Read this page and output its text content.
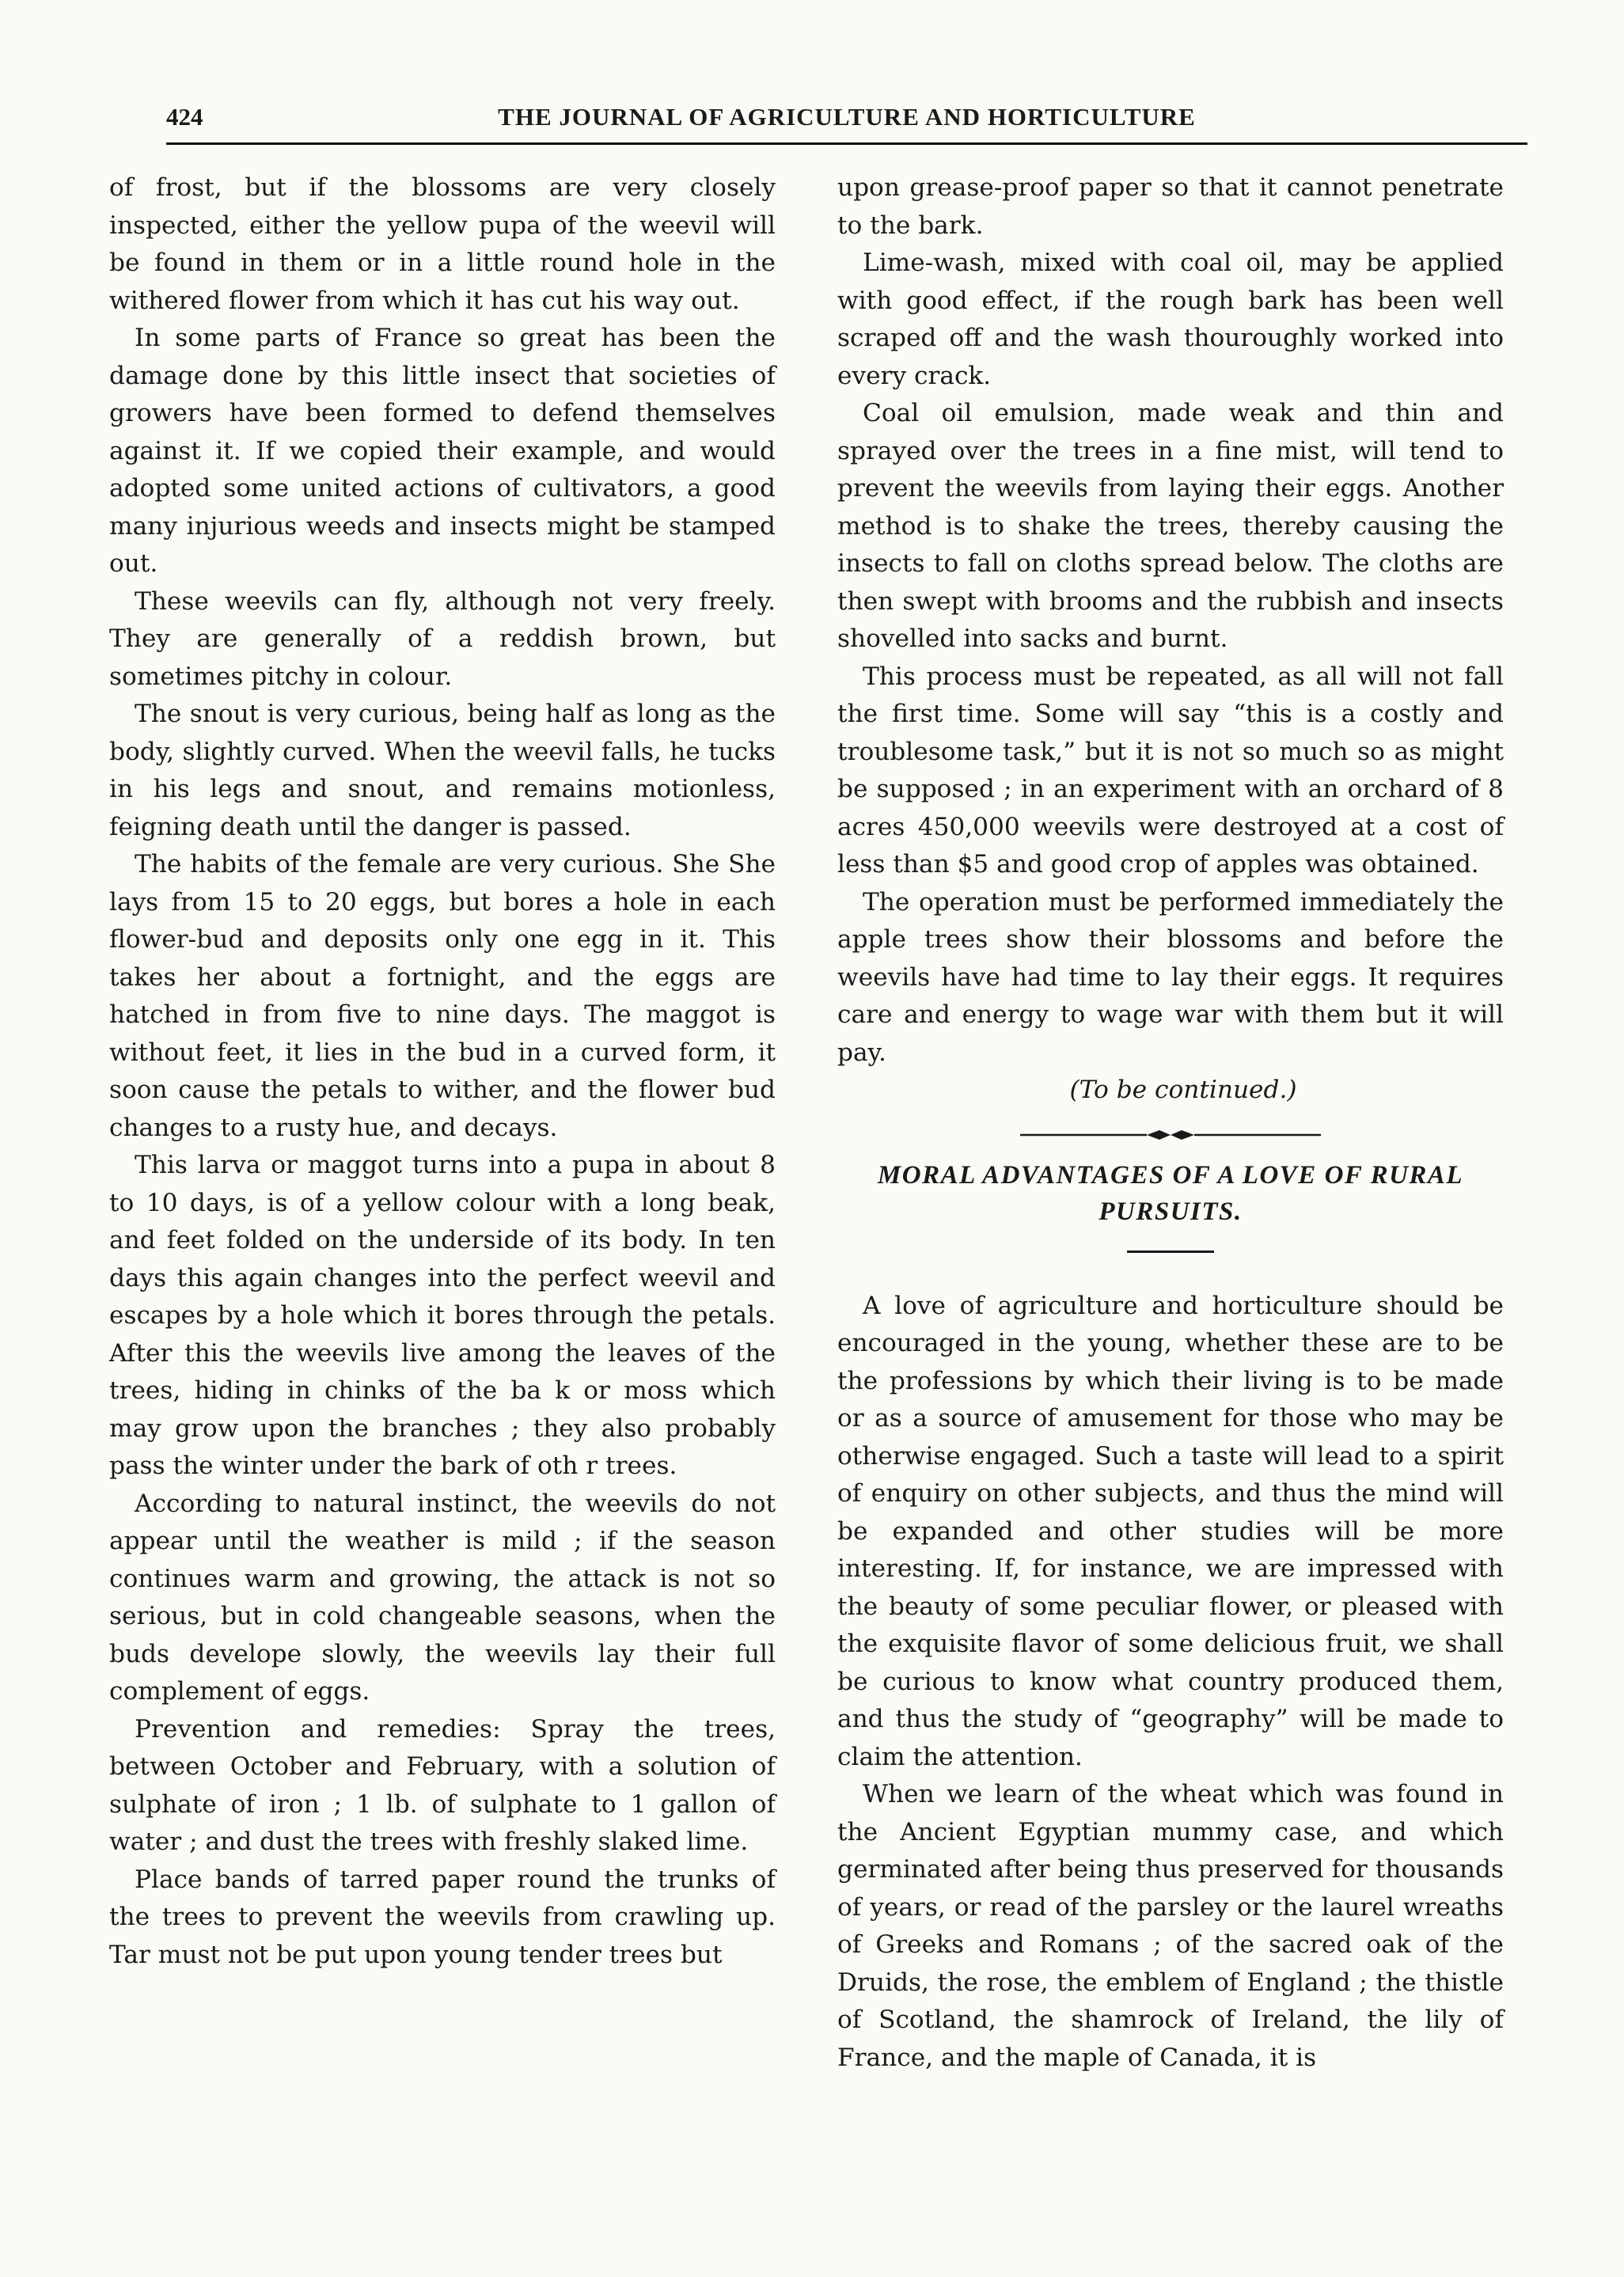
424	THE JOURNAL OF AGRICULTURE AND HORTICULTURE

of frost, but if the blossoms are very closely inspected, either the yellow pupa of the weevil will be found in them or in a little round hole in the withered flower from which it has cut his way out.

In some parts of France so great has been the damage done by this little insect that societies of growers have been formed to defend themselves against it. If we copied their example, and would adopted some united actions of cultivators, a good many injurious weeds and insects might be stamped out.

These weevils can fly, although not very freely. They are generally of a reddish brown, but sometimes pitchy in colour.

The snout is very curious, being half as long as the body, slightly curved. When the weevil falls, he tucks in his legs and snout, and remains motionless, feigning death until the danger is passed.

The habits of the female are very curious. She She lays from 15 to 20 eggs, but bores a hole in each flower-bud and deposits only one egg in it. This takes her about a fortnight, and the eggs are hatched in from five to nine days. The maggot is without feet, it lies in the bud in a curved form, it soon cause the petals to wither, and the flower bud changes to a rusty hue, and decays.

This larva or maggot turns into a pupa in about 8 to 10 days, is of a yellow colour with a long beak, and feet folded on the underside of its body. In ten days this again changes into the perfect weevil and escapes by a hole which it bores through the petals. After this the weevils live among the leaves of the trees, hiding in chinks of the ba k or moss which may grow upon the branches ; they also probably pass the winter under the bark of oth r trees.

According to natural instinct, the weevils do not appear until the weather is mild ; if the season continues warm and growing, the attack is not so serious, but in cold changeable seasons, when the buds develope slowly, the weevils lay their full complement of eggs.

Prevention and remedies: Spray the trees, between October and February, with a solution of sulphate of iron ; 1 lb. of sulphate to 1 gallon of water ; and dust the trees with freshly slaked lime.

Place bands of tarred paper round the trunks of the trees to prevent the weevils from crawling up. Tar must not be put upon young tender trees but

upon grease-proof paper so that it cannot penetrate to the bark.

Lime-wash, mixed with coal oil, may be applied with good effect, if the rough bark has been well scraped off and the wash thouroughly worked into every crack.

Coal oil emulsion, made weak and thin and sprayed over the trees in a fine mist, will tend to prevent the weevils from laying their eggs. Another method is to shake the trees, thereby causing the insects to fall on cloths spread below. The cloths are then swept with brooms and the rubbish and insects shovelled into sacks and burnt.

This process must be repeated, as all will not fall the first time. Some will say “this is a costly and troublesome task,” but it is not so much so as might be supposed ; in an experiment with an orchard of 8 acres 450,000 weevils were destroyed at a cost of less than $5 and good crop of apples was obtained.

The operation must be performed immediately the apple trees show their blossoms and before the weevils have had time to lay their eggs. It requires care and energy to wage war with them but it will pay.

(To be continued.)

MORAL ADVANTAGES OF A LOVE OF RURAL PURSUITS.

A love of agriculture and horticulture should be encouraged in the young, whether these are to be the professions by which their living is to be made or as a source of amusement for those who may be otherwise engaged. Such a taste will lead to a spirit of enquiry on other subjects, and thus the mind will be expanded and other studies will be more interesting. If, for instance, we are impressed with the beauty of some peculiar flower, or pleased with the exquisite flavor of some delicious fruit, we shall be curious to know what country produced them, and thus the study of “geography” will be made to claim the attention.

When we learn of the wheat which was found in the Ancient Egyptian mummy case, and which germinated after being thus preserved for thousands of years, or read of the parsley or the laurel wreaths of Greeks and Romans ; of the sacred oak of the Druids, the rose, the emblem of England ; the thistle of Scotland, the shamrock of Ireland, the lily of France, and the maple of Canada, it is
